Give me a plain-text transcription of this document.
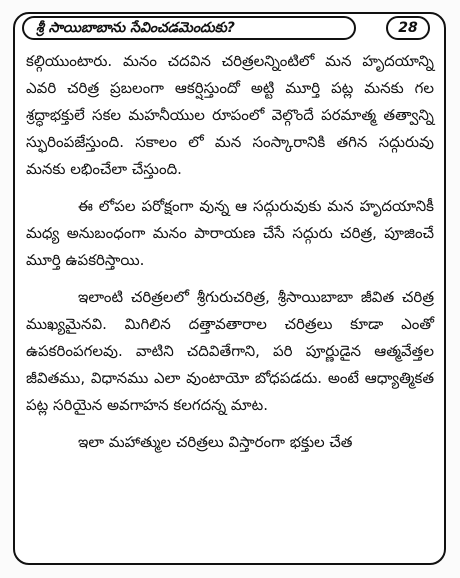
శ్రీ సాయిబాబాను సేవించడమెందుకు?	28

కల్గియుంటారు. మనం చదవిన చరిత్రలన్నింటిలో మన హృదయాన్ని ఎవరి చరిత్ర ప్రబలంగా ఆకర్షిస్తుందో అట్టి మూర్తి పట్ల మనకు గల శ్రద్ధాభక్తులే సకల మహనీయుల రూపంలో వెల్గొందే పరమాత్మ తత్వాన్ని స్ఫురింపజేస్తుంది. సకాలం లో మన సంస్కారానికి తగిన సద్గురువు మనకు లభించేలా చేస్తుంది.

ఈ లోపల పరోక్షంగా వున్న ఆ సద్గురువుకు మన హృదయానికీ మధ్య అనుబంధంగా మనం పారాయణ చేసే సద్గురు చరిత్ర, పూజించే మూర్తి ఉపకరిస్తాయి.

ఇలాంటి చరిత్రలలో శ్రీగురుచరిత్ర, శ్రీసాయిబాబా జీవిత చరిత్ర ముఖ్యమైనవి. మిగిలిన దత్తావతారాల చరిత్రలు కూడా ఎంతో ఉపకరింపగలవు. వాటిని చదివితేగాని, పరి పూర్ణుడైన ఆత్మవేత్తల జీవితము, విధానము ఎలా వుంటాయో బోధపడదు. అంటే ఆధ్యాత్మికత పట్ల సరియైన అవగాహన కలగదన్న మాట.

ఇలా మహాత్ముల చరిత్రలు విస్తారంగా భక్తుల చేత
